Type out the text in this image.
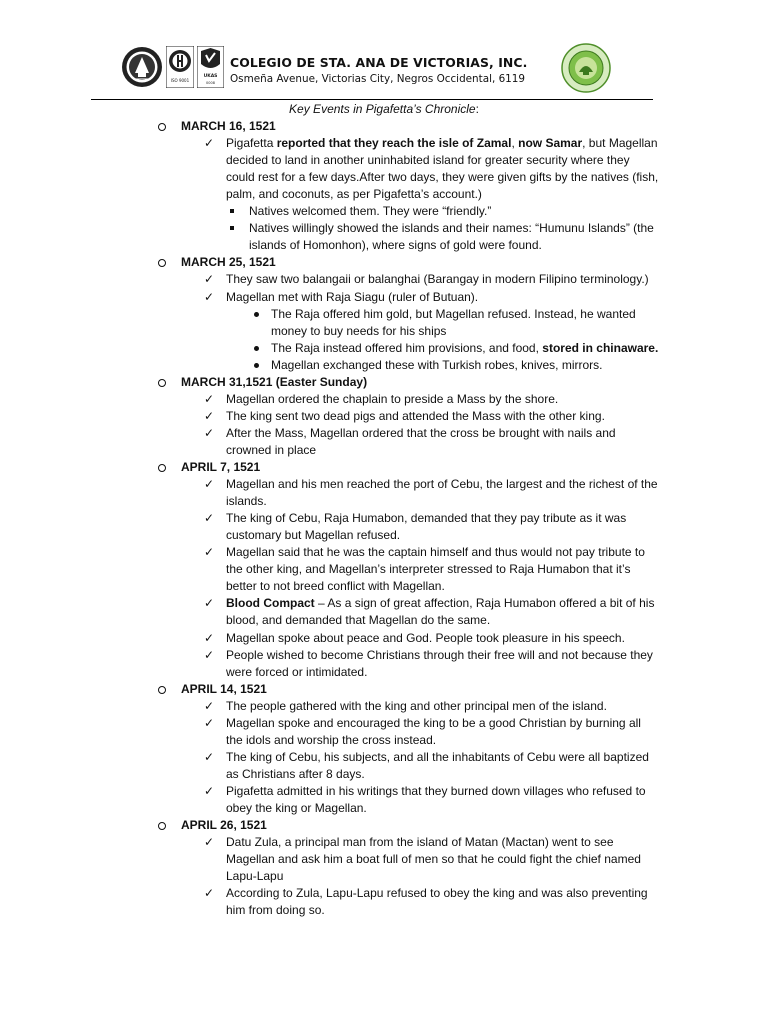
ISO 9001
UKAS
0008
COLEGIO DE STA. ANA DE VICTORIAS, INC.
Osmeña Avenue, Victorias City, Negros Occidental, 6119
Key Events in Pigafetta’s Chronicle:
MARCH 16, 1521
✓ Pigafetta reported that they reach the isle of Zamal, now Samar, but Magellan
decided to land in another uninhabited island for greater security where they
could rest for a few days.After two days, they were given gifts by the natives (fish,
palm, and coconuts, as per Pigafetta’s account.)
Natives welcomed them. They were “friendly.”
Natives willingly showed the islands and their names: “Humunu Islands” (the
islands of Homonhon), where signs of gold were found.
MARCH 25, 1521
✓ They saw two balangaii or balanghai (Barangay in modern Filipino terminology.)
✓ Magellan met with Raja Siagu (ruler of Butuan).
The Raja offered him gold, but Magellan refused. Instead, he wanted
money to buy needs for his ships
The Raja instead offered him provisions, and food, stored in chinaware.
Magellan exchanged these with Turkish robes, knives, mirrors.
MARCH 31,1521 (Easter Sunday)
✓ Magellan ordered the chaplain to preside a Mass by the shore.
✓ The king sent two dead pigs and attended the Mass with the other king.
✓ After the Mass, Magellan ordered that the cross be brought with nails and
crowned in place
APRIL 7, 1521
✓ Magellan and his men reached the port of Cebu, the largest and the richest of the
islands.
✓ The king of Cebu, Raja Humabon, demanded that they pay tribute as it was
customary but Magellan refused.
✓ Magellan said that he was the captain himself and thus would not pay tribute to
the other king, and Magellan’s interpreter stressed to Raja Humabon that it’s
better to not breed conflict with Magellan.
✓ Blood Compact – As a sign of great affection, Raja Humabon offered a bit of his
blood, and demanded that Magellan do the same.
✓ Magellan spoke about peace and God. People took pleasure in his speech.
✓ People wished to become Christians through their free will and not because they
were forced or intimidated.
APRIL 14, 1521
✓ The people gathered with the king and other principal men of the island.
✓ Magellan spoke and encouraged the king to be a good Christian by burning all
the idols and worship the cross instead.
✓ The king of Cebu, his subjects, and all the inhabitants of Cebu were all baptized
as Christians after 8 days.
✓ Pigafetta admitted in his writings that they burned down villages who refused to
obey the king or Magellan.
APRIL 26, 1521
✓ Datu Zula, a principal man from the island of Matan (Mactan) went to see
Magellan and ask him a boat full of men so that he could fight the chief named
Lapu-Lapu
✓ According to Zula, Lapu-Lapu refused to obey the king and was also preventing
him from doing so.
